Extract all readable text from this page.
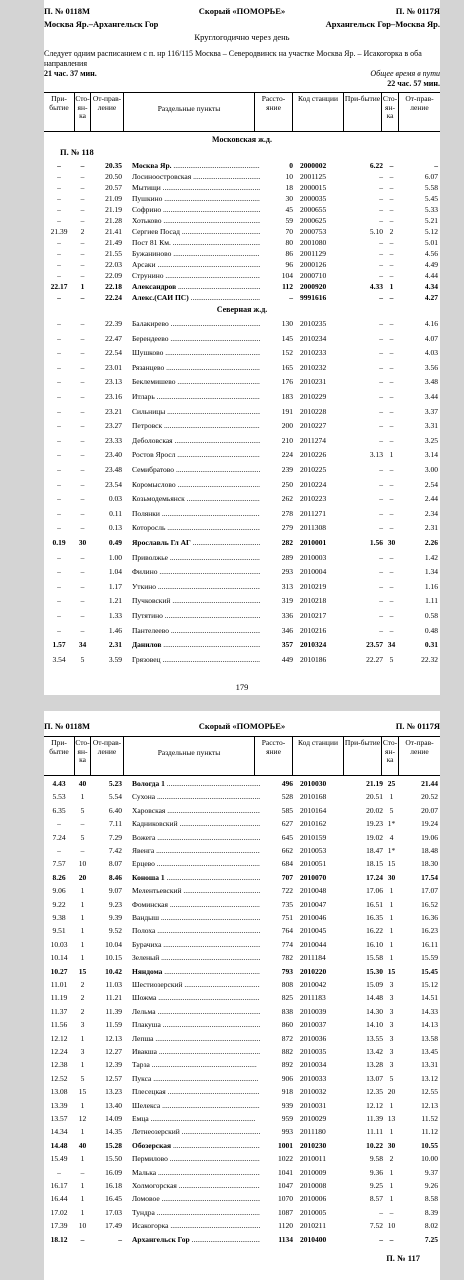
П. № 0118М	Скорый «ПОМОРЬЕ»	П. № 0117Я
Москва Яр.–Архангельск Гор	Архангельск Гор–Москва Яр.
Круглогодично через день
Следует одним расписанием с п. нр 116/115 Москва – Северодвинск на участке Москва Яр. – Исакогорка в оба направления
21 час. 37 мин.	Общее время в пути
22 час. 57 мин.
При-бытие
Сто-ян-ка
От-прав-ление	Раздельные пункты
Рассто-яние
Код станции При-бытие Сто-ян-ка
От-прав-ление
Московская ж.д.
П. № 118
–	–	20.35 Москва Яр. .....	0 2000002	6.22 –	–
–	–	20.50 Лосиноостровская .....	10 2001125	– –	6.07
–	–	20.57 Мытищи .....	18 2000015	– –	5.58
–	–	21.09 Пушкино .....	30 2000035	– –	5.45
–	–	21.19 Софрино .....	45 2000655	– –	5.33
–	–	21.28 Хотьково .....	59 2000625	– –	5.21
21.39	2	21.41 Сергиев Посад .....	70 2000753	5.10 2	5.12
–	–	21.49 Пост 81 Км. .....	80 2001080	– –	5.01
–	–	21.55 Бужаниново .....	86 2001129	– –	4.56
–	–	22.03 Арсаки .....	96 2000126	– –	4.49
–	–	22.09 Струнино .....	104 2000710	– –	4.44
22.17	1	22.18 Александров .....	112 2000920	4.33 1	4.34
–	–	22.24 Алекс.(САИ ПС) .....	– 9991616	– –	4.27
Северная ж.д.
–	–	22.39 Балакирево .....	130 2010235	– –	4.16
–	–	22.47 Берендеево .....	145 2010234	– –	4.07
–	–	22.54 Шушково .....	152 2010233	– –	4.03
–	–	23.01 Рязанцево .....	165 2010232	– –	3.56
–	–	23.13 Беклемишево .....	176 2010231	– –	3.48
–	–	23.16 Итларь .....	183 2010229	– –	3.44
–	–	23.21 Сильницы .....	191 2010228	– –	3.37
–	–	23.27 Петровск .....	200 2010227	– –	3.31
–	–	23.33 Деболовская .....	210 2011274	– –	3.25
–	–	23.40 Ростов Яросл .....	224 2010226	3.13 1	3.14
–	–	23.48 Семибратово .....	239 2010225	– –	3.00
–	–	23.54 Коромыслово .....	250 2010224	– –	2.54
–	–	0.03 Козьмодемьянск .....	262 2010223	– –	2.44
–	–	0.11 Полянки .....	278 2011271	– –	2.34
–	–	0.13 Которосль .....	279 2011308	– –	2.31
0.19	30	0.49 Ярославль Гл АГ .....	282 2010001	1.56 30	2.26
–	–	1.00 Приволжье .....	289 2010003	– –	1.42
–	–	1.04 Филино .....	293 2010004	– –	1.34
–	–	1.17 Уткино .....	313 2010219	– –	1.16
–	–	1.21 Пучковский .....	319 2010218	– –	1.11
–	–	1.33 Путятино .....	336 2010217	– –	0.58
–	–	1.46 Пантелеево .....	346 2010216	– –	0.48
1.57	34	2.31 Данилов .....	357 2010324	23.57 34	0.31
3.54	5	3.59 Грязовец .....	449 2010186	22.27 5	22.32
179
П. № 0118М	Скорый «ПОМОРЬЕ»	П. № 0117Я
При-бытие
Сто-ян-ка
От-прав-ление	Раздельные пункты
Рассто-яние
Код станции При-бытие Сто-ян-ка
От-прав-ление
4.43	40	5.23 Вологда 1 .....	496 2010030	21.19 25	21.44
5.53	1	5.54 Сухона .....	528 2010168	20.51 1	20.52
6.35	5	6.40 Харовская .....	585 2010164	20.02 5	20.07
–	–	7.11 Кадниковский .....	627 2010162	19.23 1*	19.24
7.24	5	7.29 Вожега .....	645 2010159	19.02 4	19.06
–	–	7.42 Явенга .....	662 2010053	18.47 1*	18.48
7.57	10	8.07 Ерцево .....	684 2010051	18.15 15	18.30
8.26	20	8.46 Коноша 1 .....	707 2010070	17.24 30	17.54
9.06	1	9.07 Мелентьевский .....	722 2010048	17.06 1	17.07
9.22	1	9.23 Фоминская .....	735 2010047	16.51 1	16.52
9.38	1	9.39 Вандыш .....	751 2010046	16.35 1	16.36
9.51	1	9.52 Полоха .....	764 2010045	16.22 1	16.23
10.03	1	10.04 Бурачиха .....	774 2010044	16.10 1	16.11
10.14	1	10.15 Зеленый .....	782 2011184	15.58 1	15.59
10.27	15	10.42 Няндома .....	793 2010220	15.30 15	15.45
11.01	2	11.03 Шестиозерский .....	808 2010042	15.09 3	15.12
11.19	2	11.21 Шожма .....	825 2011183	14.48 3	14.51
11.37	2	11.39 Лельма .....	838 2010039	14.30 3	14.33
11.56	3	11.59 Плакуша .....	860 2010037	14.10 3	14.13
12.12	1	12.13 Лепша .....	872 2010036	13.55 3	13.58
12.24	3	12.27 Ивакша .....	882 2010035	13.42 3	13.45
12.38	1	12.39 Тарза .....	892 2010034	13.28 3	13.31
12.52	5	12.57 Пукса .....	906 2010033	13.07 5	13.12
13.08	15	13.23 Плесецкая .....	918 2010032	12.35 20	12.55
13.39	1	13.40 Шелекса .....	939 2010031	12.12 1	12.13
13.57	12	14.09 Емца .....	959 2010029	11.39 13	11.52
14.34	1	14.35 Летнеозерский .....	993 2011180	11.11 1	11.12
14.48	40	15.28 Обозерская .....	1001 2010230	10.22 30	10.55
15.49	1	15.50 Пермилово .....	1022 2010011	9.58 2	10.00
–	–	16.09 Малька .....	1041 2010009	9.36 1	9.37
16.17	1	16.18 Холмогорская .....	1047 2010008	9.25 1	9.26
16.44	1	16.45 Ломовое .....	1070 2010006	8.57 1	8.58
17.02	1	17.03 Тундра .....	1087 2010005	– –	8.39
17.39	10	17.49 Исакогорка .....	1120 2010211	7.52 10	8.02
18.12	–	– Архангельск Гор .....	1134 2010400	– –	7.25
П. № 117
